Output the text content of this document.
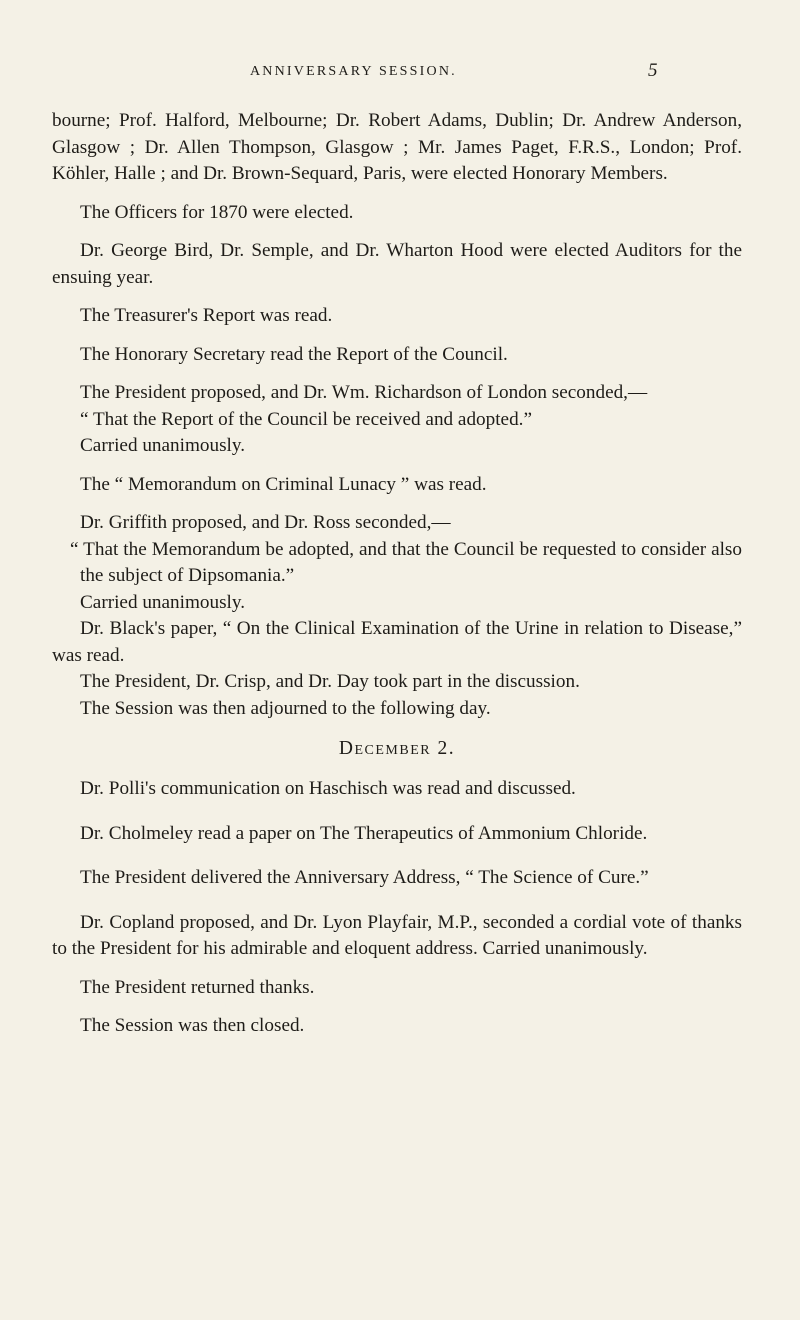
ANNIVERSARY SESSION.	5

bourne; Prof. Halford, Melbourne; Dr. Robert Adams, Dublin; Dr. Andrew Anderson, Glasgow ; Dr. Allen Thompson, Glasgow ; Mr. James Paget, F.R.S., London; Prof. Köhler, Halle ; and Dr. Brown-Sequard, Paris, were elected Honorary Members.

The Officers for 1870 were elected.

Dr. George Bird, Dr. Semple, and Dr. Wharton Hood were elected Auditors for the ensuing year.

The Treasurer's Report was read.

The Honorary Secretary read the Report of the Council.

The President proposed, and Dr. Wm. Richardson of London seconded,—

“ That the Report of the Council be received and adopted.”

Carried unanimously.

The “ Memorandum on Criminal Lunacy ” was read.

Dr. Griffith proposed, and Dr. Ross seconded,—

“ That the Memorandum be adopted, and that the Council be requested to consider also the subject of Dipsomania.”

Carried unanimously.

Dr. Black's paper, “ On the Clinical Examination of the Urine in relation to Disease,” was read.

The President, Dr. Crisp, and Dr. Day took part in the discussion.

The Session was then adjourned to the following day.

December 2.

Dr. Polli's communication on Haschisch was read and discussed.

Dr. Cholmeley read a paper on The Therapeutics of Ammonium Chloride.

The President delivered the Anniversary Address, “ The Science of Cure.”

Dr. Copland proposed, and Dr. Lyon Playfair, M.P., seconded a cordial vote of thanks to the President for his admirable and eloquent address. Carried unanimously.

The President returned thanks.

The Session was then closed.
